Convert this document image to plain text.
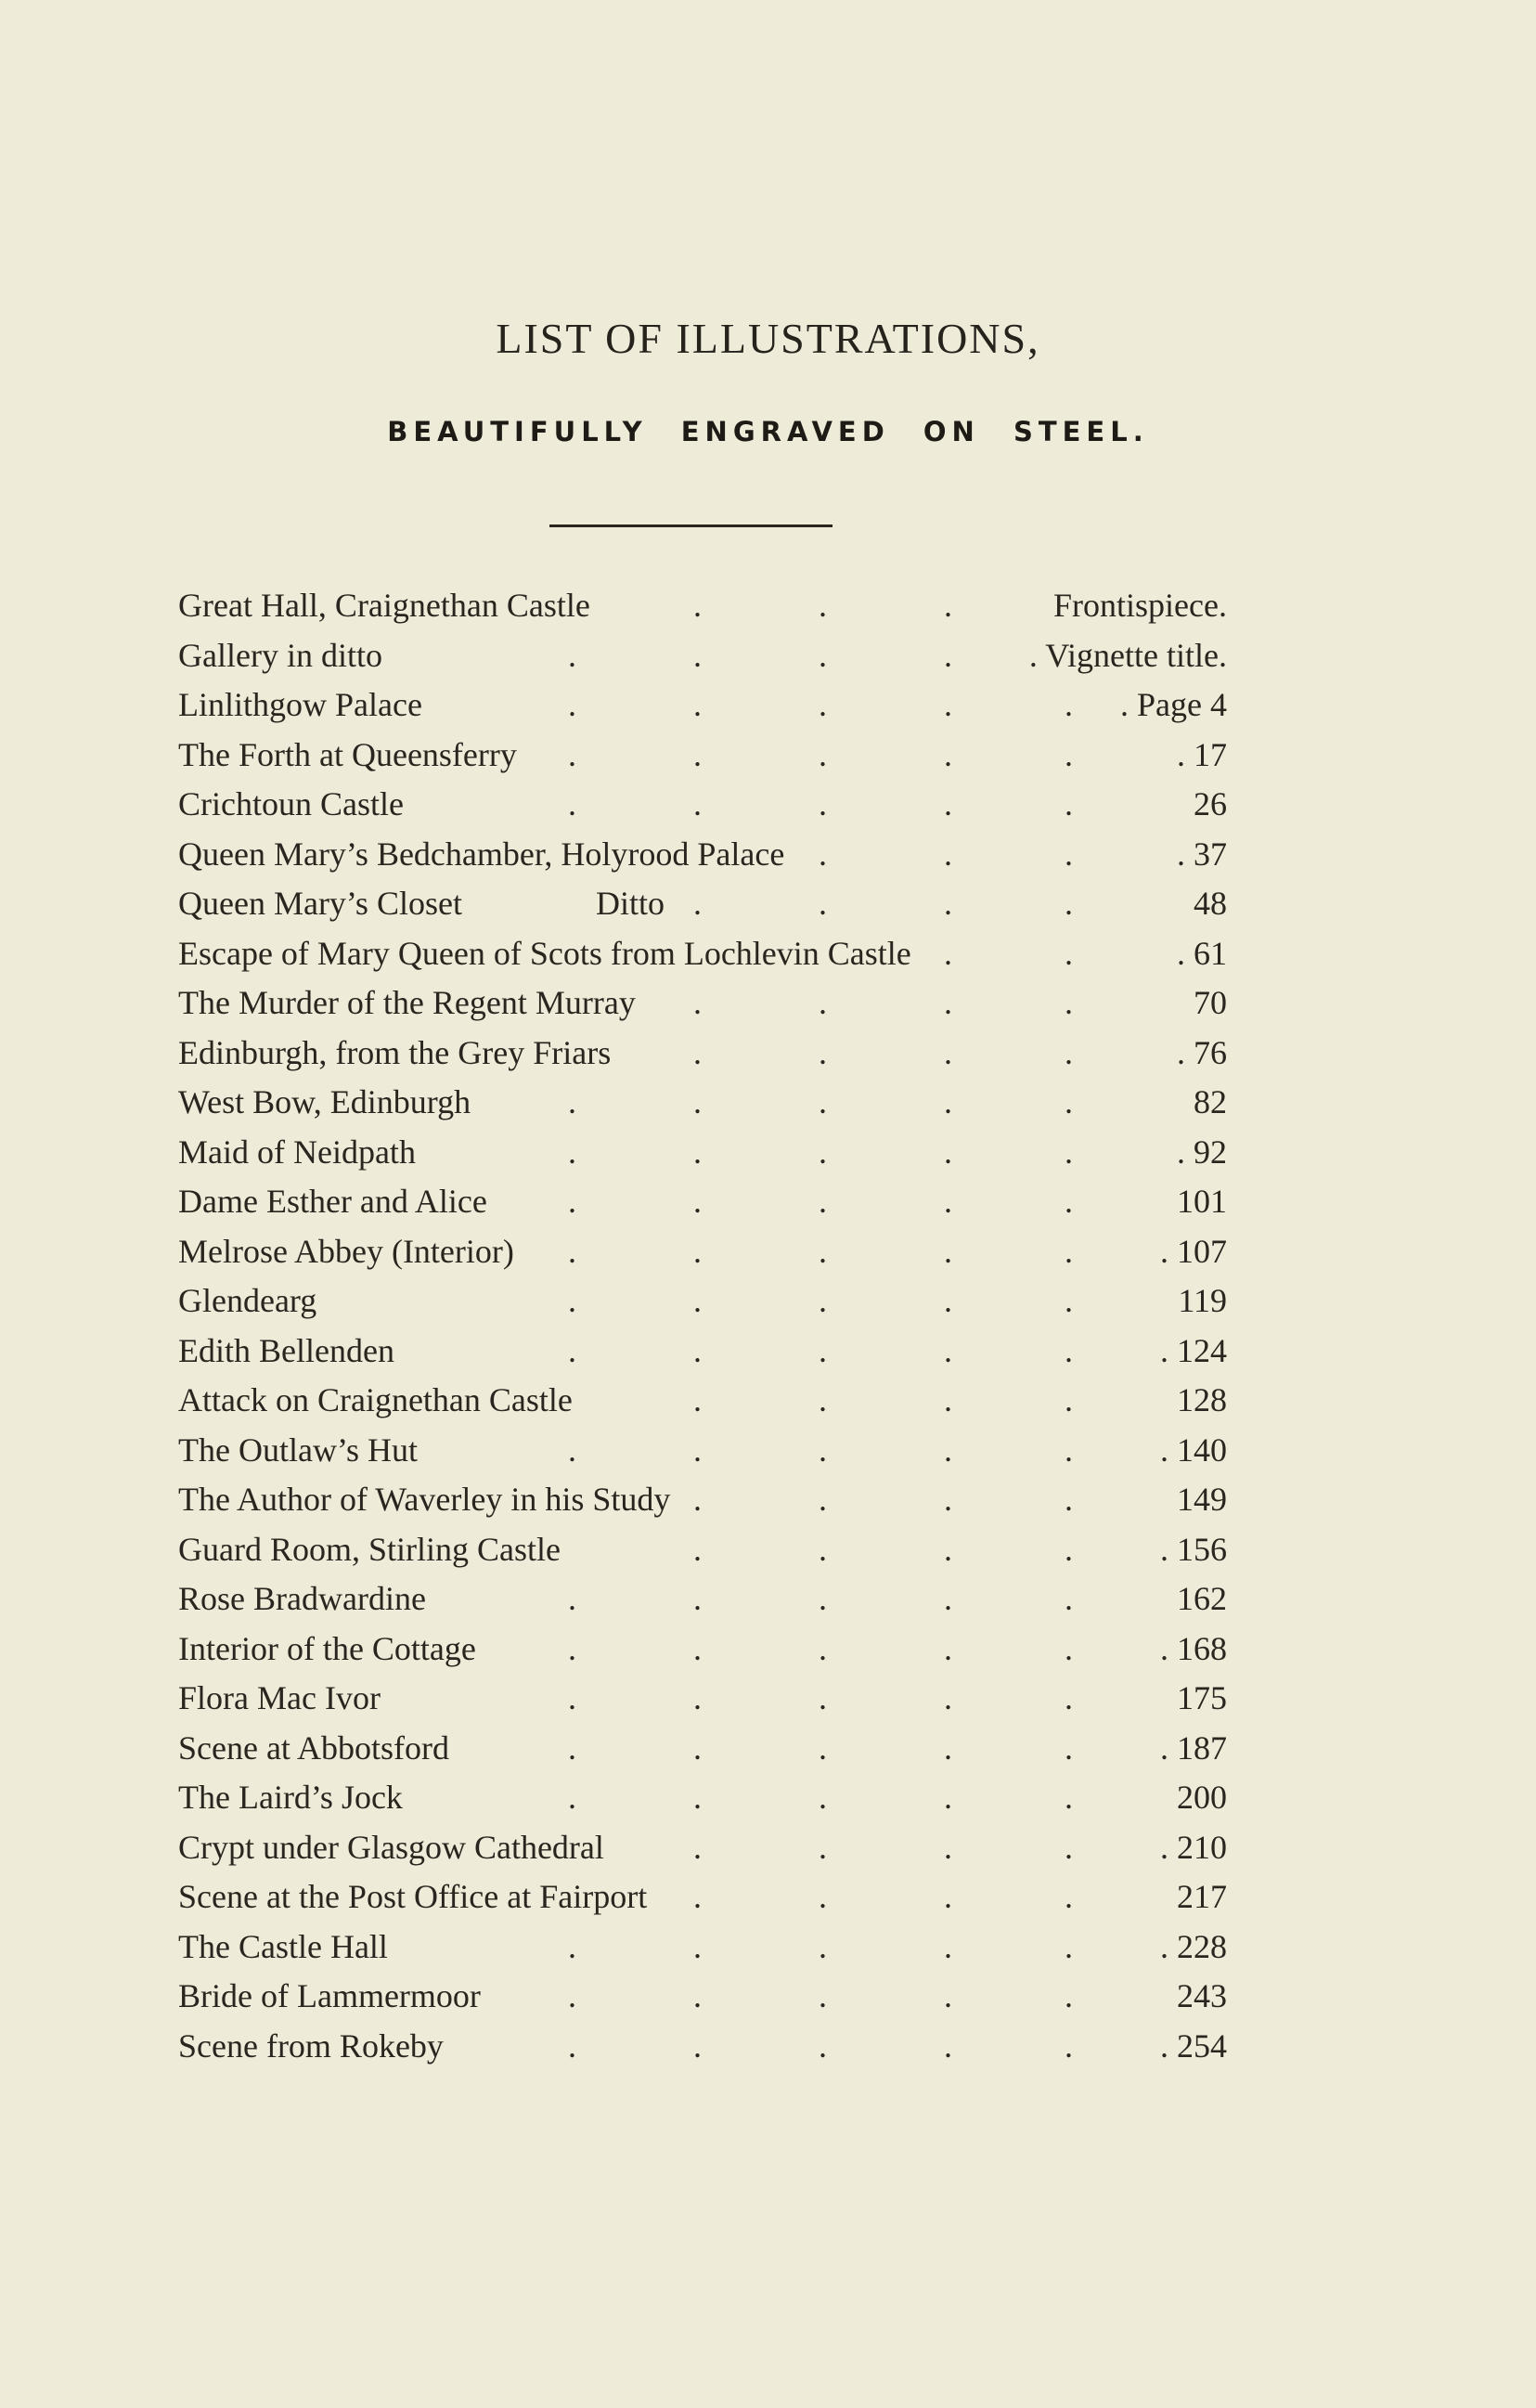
LIST OF ILLUSTRATIONS,
BEAUTIFULLY ENGRAVED ON STEEL.
.	.	.
Great Hall, Craignethan Castle	Frontispiece.
.	.	.	.
Gallery in ditto	. Vignette title.
.	.	.	.	.
Linlithgow Palace	. Page 4
.	.	.	.	.
The Forth at Queensferry	. 17
.	.	.	.	.
Crichtoun Castle	26
.	.	.
Queen Mary’s Bedchamber, Holyrood Palace	. 37
.	.	.	.
Queen Mary’s Closet                Ditto	48
.	.
Escape of Mary Queen of Scots from Lochlevin Castle	. 61
.	.	.	.
The Murder of the Regent Murray	70
.	.	.	.
Edinburgh, from the Grey Friars	. 76
.	.	.	.	.
West Bow, Edinburgh	82
.	.	.	.	.
Maid of Neidpath	. 92
.	.	.	.	.
Dame Esther and Alice	101
.	.	.	.	.
Melrose Abbey (Interior)	. 107
.	.	.	.	.
Glendearg	119
.	.	.	.	.
Edith Bellenden	. 124
.	.	.	.
Attack on Craignethan Castle	128
.	.	.	.	.
The Outlaw’s Hut	. 140
.	.	.	.
The Author of Waverley in his Study	149
.	.	.	.
Guard Room, Stirling Castle	. 156
.	.	.	.	.
Rose Bradwardine	162
.	.	.	.	.
Interior of the Cottage	. 168
.	.	.	.	.
Flora Mac Ivor	175
.	.	.	.	.
Scene at Abbotsford	. 187
.	.	.	.	.
The Laird’s Jock	200
.	.	.	.
Crypt under Glasgow Cathedral	. 210
.	.	.	.
Scene at the Post Office at Fairport	217
.	.	.	.	.
The Castle Hall	. 228
.	.	.	.	.
Bride of Lammermoor	243
.	.	.	.	.
Scene from Rokeby	. 254
